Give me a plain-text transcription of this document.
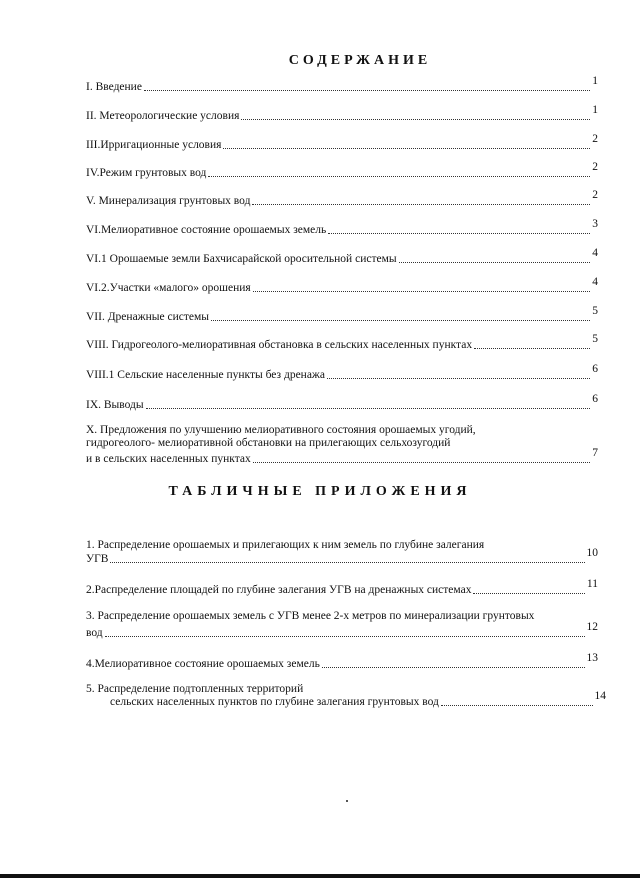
СОДЕРЖАНИЕ
I. Введение	1
II. Метеорологические условия	1
III.Ирригационные условия	2
IV.Режим грунтовых вод	2
V. Минерализация грунтовых вод	2
VI.Мелиоративное состояние орошаемых земель	3
VI.1 Орошаемые земли Бахчисарайской оросительной системы	4
VI.2.Участки «малого» орошения	4
VII. Дренажные системы	5
VIII. Гидрогеолого-мелиоративная обстановка в сельских населенных пунктах	5
VIII.1 Сельские населенные пункты без дренажа	6
IX. Выводы	6
X. Предложения по улучшению мелиоративного состояния орошаемых угодий,
гидрогеолого- мелиоративной обстановки на прилегающих сельхозугодий
и в сельских населенных пунктах	7
ТАБЛИЧНЫЕ ПРИЛОЖЕНИЯ
1. Распределение орошаемых и прилегающих к ним земель по глубине залегания
УГВ	10
2.Распределение площадей по глубине залегания УГВ на дренажных системах	11
3. Распределение орошаемых земель с УГВ менее 2-х метров по минерализации грунтовых
вод	12
4.Мелиоративное состояние орошаемых земель	13
5. Распределение подтопленных территорий
сельских населенных пунктов по глубине залегания грунтовых вод	14
